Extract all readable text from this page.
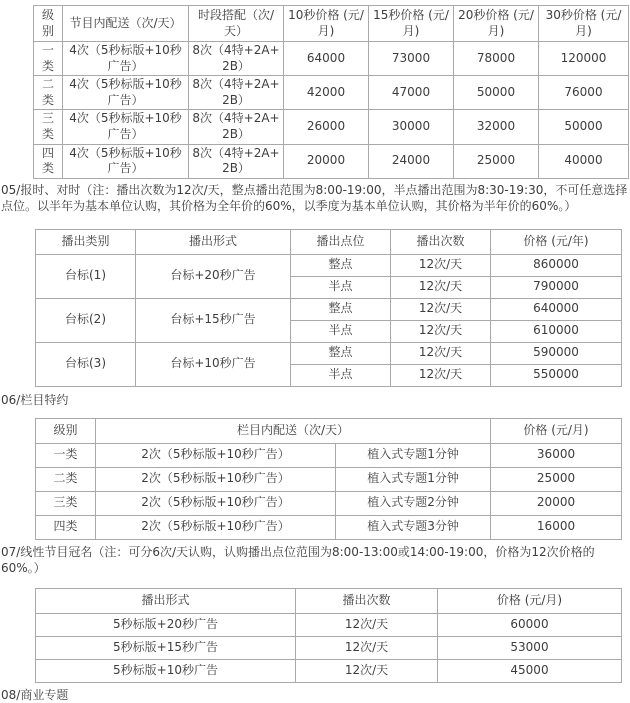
级别	节目内配送（次/天）	时段搭配（次/天）	10秒价格 (元/月)	15秒价格 (元/月)	20秒价格 (元/月)	30秒价格 (元/月)
一类	4次（5秒标版+10秒广告）	8次（4特+2A+2B）	64000	73000	78000	120000
二类	4次（5秒标版+10秒广告）	8次（4特+2A+2B）	42000	47000	50000	76000
三类	4次（5秒标版+10秒广告）	8次（4特+2A+2B）	26000	30000	32000	50000
四类	4次（5秒标版+10秒广告）	8次（4特+2A+2B）	20000	24000	25000	40000
05/报时、对时（注：播出次数为12次/天，整点播出范围为8:00-19:00，半点播出范围为8:30-19:30，不可任意选择点位。以半年为基本单位认购，其价格为全年价的60%，以季度为基本单位认购，其价格为半年价的60%。）
播出类别	播出形式	播出点位	播出次数	价格 (元/年)
台标(1)	台标+20秒广告	整点	12次/天	860000
		半点	12次/天	790000
台标(2)	台标+15秒广告	整点	12次/天	640000
		半点	12次/天	610000
台标(3)	台标+10秒广告	整点	12次/天	590000
		半点	12次/天	550000
06/栏目特约
级别	栏目内配送（次/天）		价格 (元/月)
一类	2次（5秒标版+10秒广告）	植入式专题1分钟	36000
二类	2次（5秒标版+10秒广告）	植入式专题1分钟	25000
三类	2次（5秒标版+10秒广告）	植入式专题2分钟	20000
四类	2次（5秒标版+10秒广告）	植入式专题3分钟	16000
07/线性节目冠名（注：可分6次/天认购，认购播出点位范围为8:00-13:00或14:00-19:00，价格为12次价格的60%。）
播出形式	播出次数	价格 (元/月)
5秒标版+20秒广告	12次/天	60000
5秒标版+15秒广告	12次/天	53000
5秒标版+10秒广告	12次/天	45000
08/商业专题
